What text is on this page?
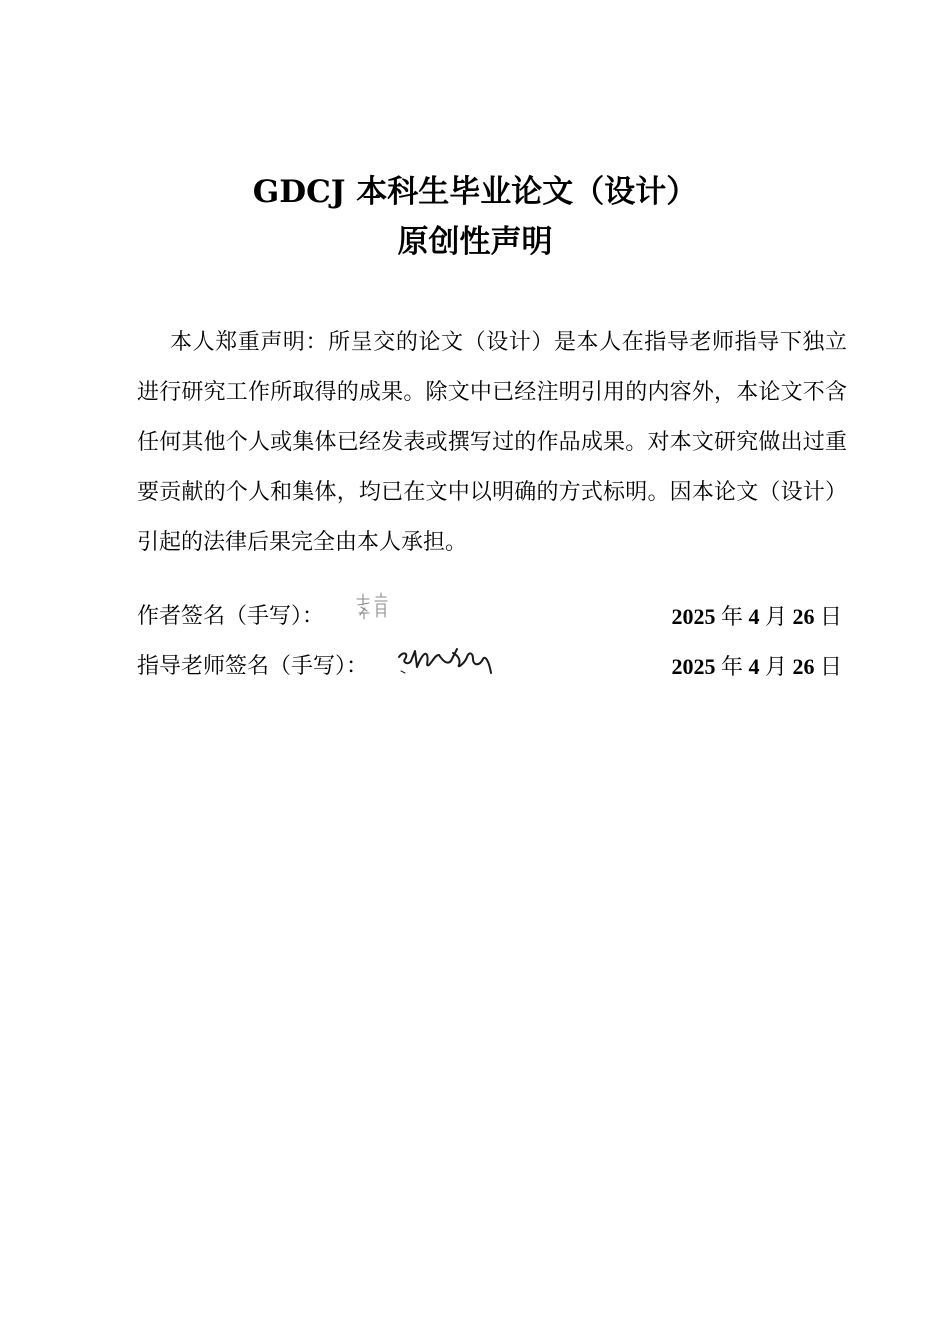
GDCJ 本科生毕业论文（设计）
原创性声明

本人郑重声明：所呈交的论文（设计）是本人在指导老师指导下独立进行研究工作所取得的成果。除文中已经注明引用的内容外，本论文不含任何其他个人或集体已经发表或撰写过的作品成果。对本文研究做出过重要贡献的个人和集体，均已在文中以明确的方式标明。因本论文（设计）引起的法律后果完全由本人承担。

作者签名（手写）：	2025 年 4 月 26 日
指导老师签名（手写）：	2025 年 4 月 26 日
